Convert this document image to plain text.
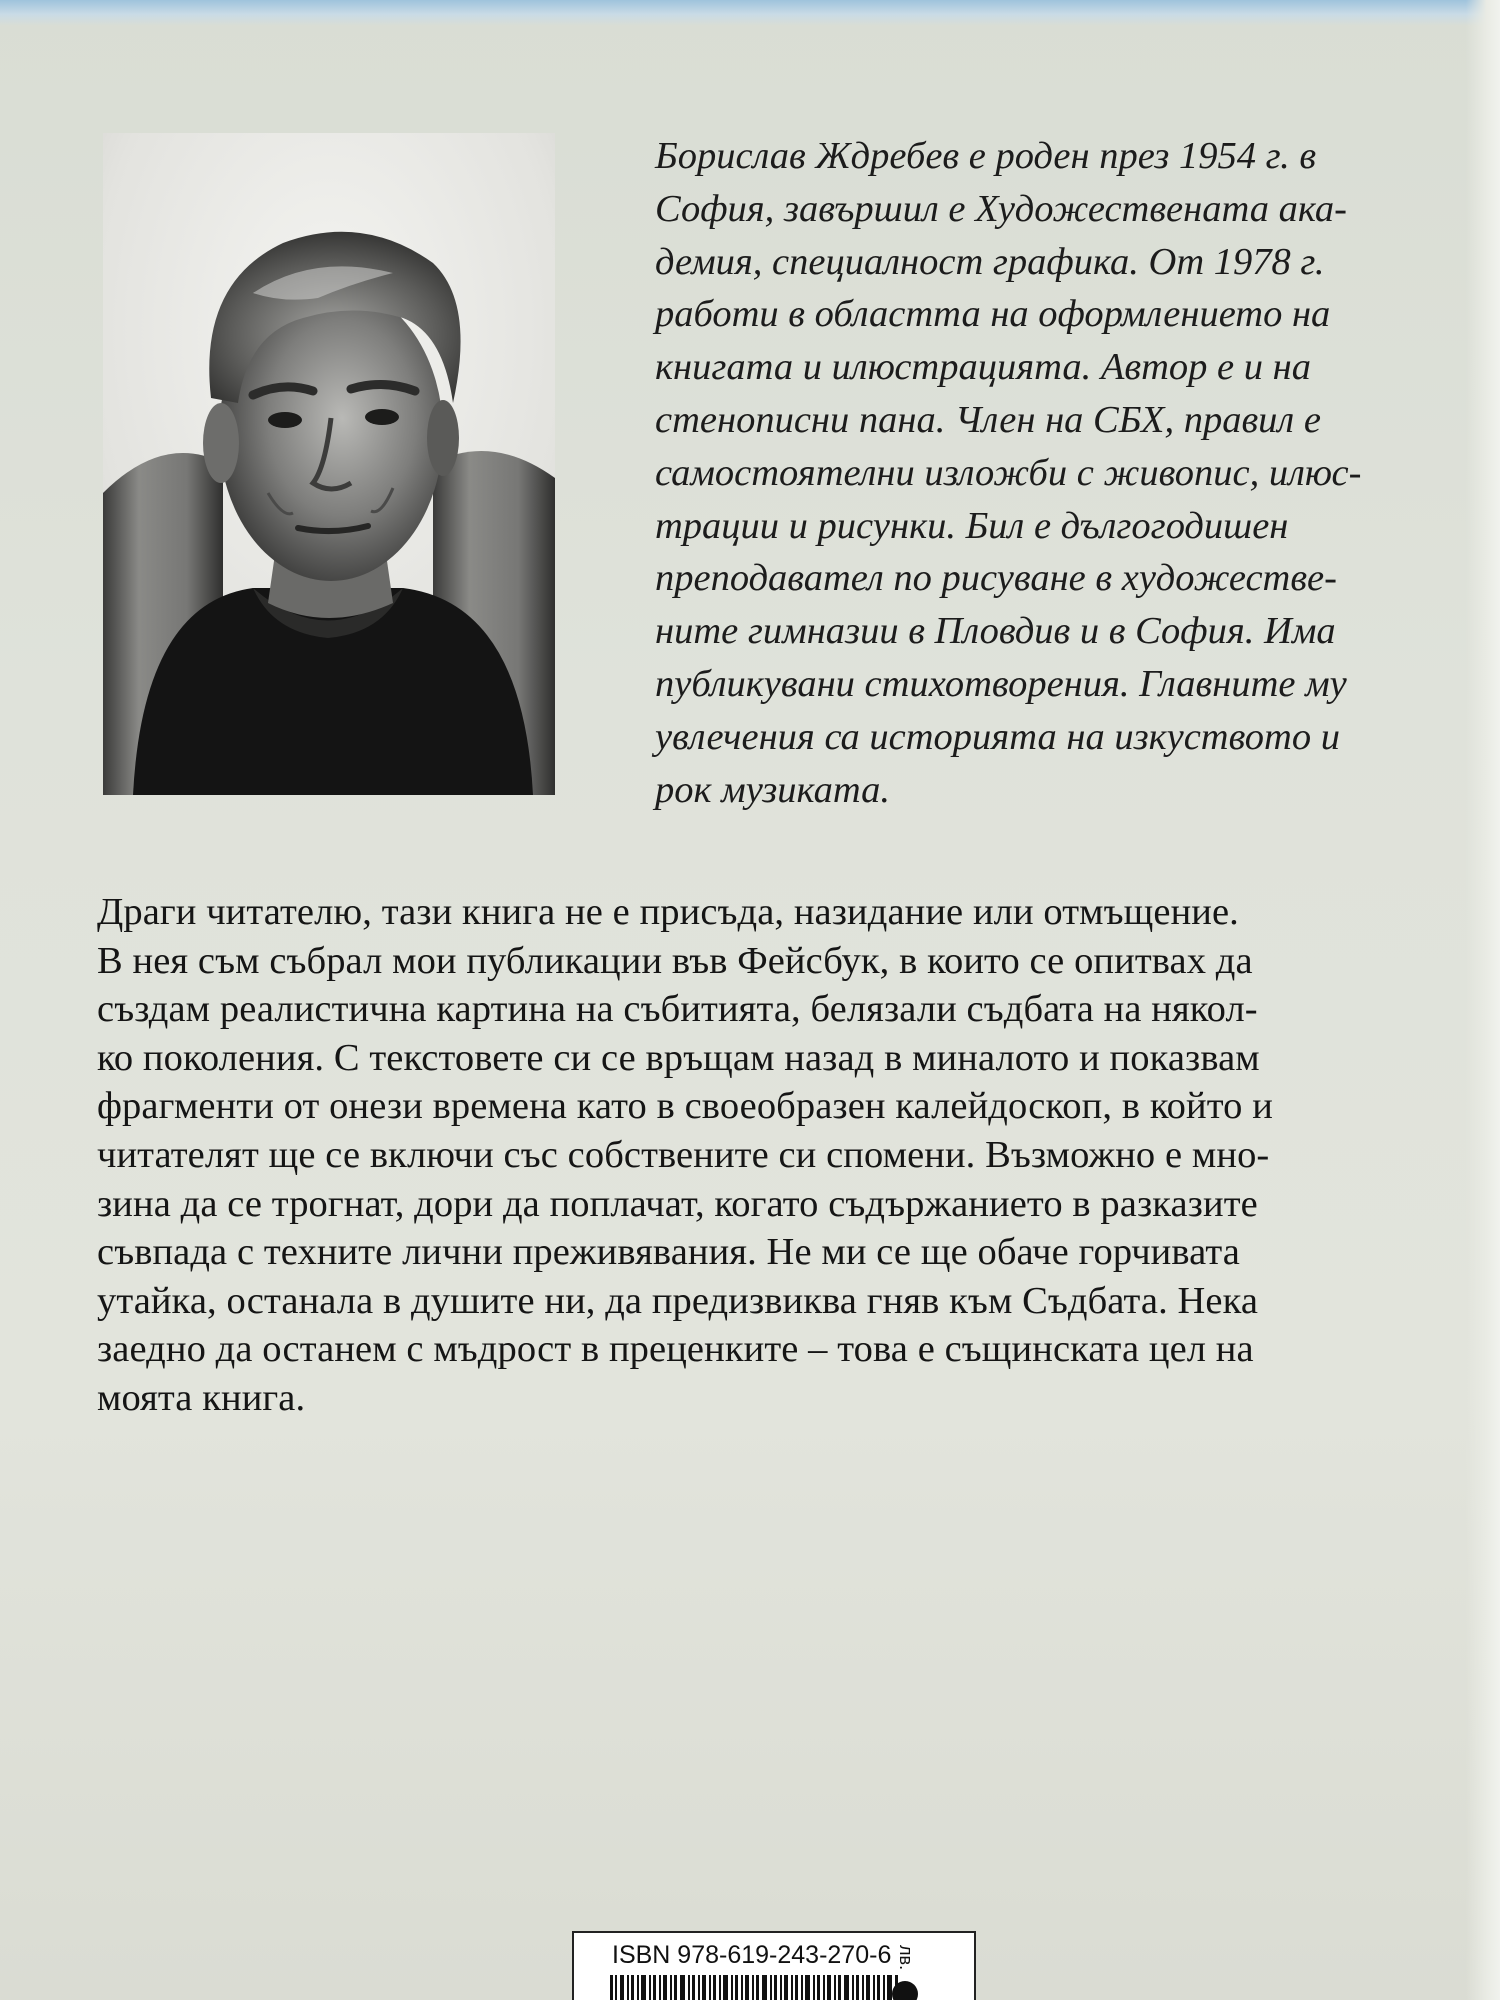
Борислав Ждребев е роден през 1954 г. в
София, завършил е Художествената ака-
демия, специалност графика. От 1978 г.
работи в областта на оформлението на
книгата и илюстрацията. Автор е и на
стенописни пана. Член на СБХ, правил е
самостоятелни изложби с живопис, илюс-
трации и рисунки. Бил е дългогодишен
преподавател по рисуване в художестве-
ните гимназии в Пловдив и в София. Има
публикувани стихотворения. Главните му
увлечения са историята на изкуството и
рок музиката.

Драги читателю, тази книга не е присъда, назидание или отмъщение.
В нея съм събрал мои публикации във Фейсбук, в които се опитвах да
създам реалистична картина на събитията, белязали съдбата на някол-
ко поколения. С текстовете си се връщам назад в миналото и показвам
фрагменти от онези времена като в своеобразен калейдоскоп, в който и
читателят ще се включи със собствените си спомени. Възможно е мно-
зина да се трогнат, дори да поплачат, когато съдържанието в разказите
съвпада с техните лични преживявания. Не ми се ще обаче горчивата
утайка, останала в душите ни, да предизвиква гняв към Съдбата. Нека
заедно да останем с мъдрост в преценките – това е същинската цел на
моята книга.

ISBN 978-619-243-270-6 лв.
